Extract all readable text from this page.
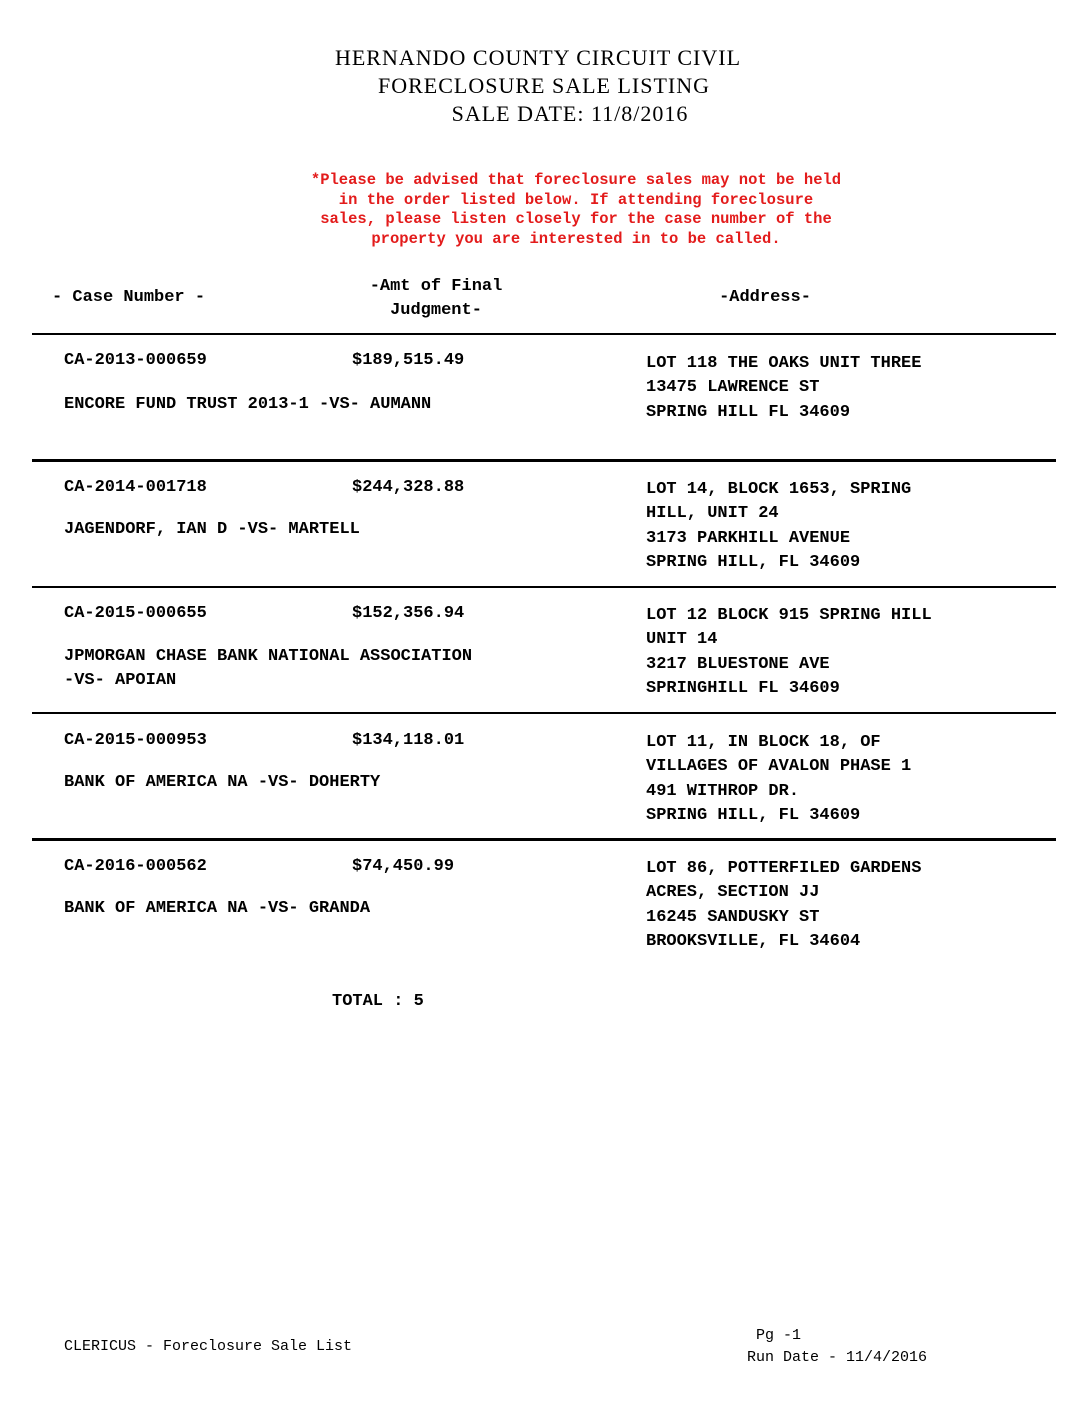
HERNANDO COUNTY CIRCUIT CIVIL
FORECLOSURE SALE LISTING
SALE DATE: 11/8/2016
*Please be advised that foreclosure sales may not be held
in the order listed below. If attending foreclosure
sales, please listen closely for the case number of the
property you are interested in to be called.
- Case Number -
-Amt of Final
Judgment-
-Address-
CA-2013-000659	$189,515.49
ENCORE FUND TRUST 2013-1 -VS- AUMANN
LOT 118 THE OAKS UNIT THREE
13475 LAWRENCE ST
SPRING HILL FL 34609
CA-2014-001718	$244,328.88
JAGENDORF, IAN D -VS- MARTELL
LOT 14, BLOCK 1653, SPRING
HILL, UNIT 24
3173 PARKHILL AVENUE
SPRING HILL, FL 34609
CA-2015-000655	$152,356.94
JPMORGAN CHASE BANK NATIONAL ASSOCIATION
-VS- APOIAN
LOT 12 BLOCK 915 SPRING HILL
UNIT 14
3217 BLUESTONE AVE
SPRINGHILL FL 34609
CA-2015-000953	$134,118.01
BANK OF AMERICA NA -VS- DOHERTY
LOT 11, IN BLOCK 18, OF
VILLAGES OF AVALON PHASE 1
491 WITHROP DR.
SPRING HILL, FL 34609
CA-2016-000562	$74,450.99
BANK OF AMERICA NA -VS- GRANDA
LOT 86, POTTERFILED GARDENS
ACRES, SECTION JJ
16245 SANDUSKY ST
BROOKSVILLE, FL 34604
TOTAL : 5
CLERICUS - Foreclosure Sale List
Pg -1
Run Date - 11/4/2016
